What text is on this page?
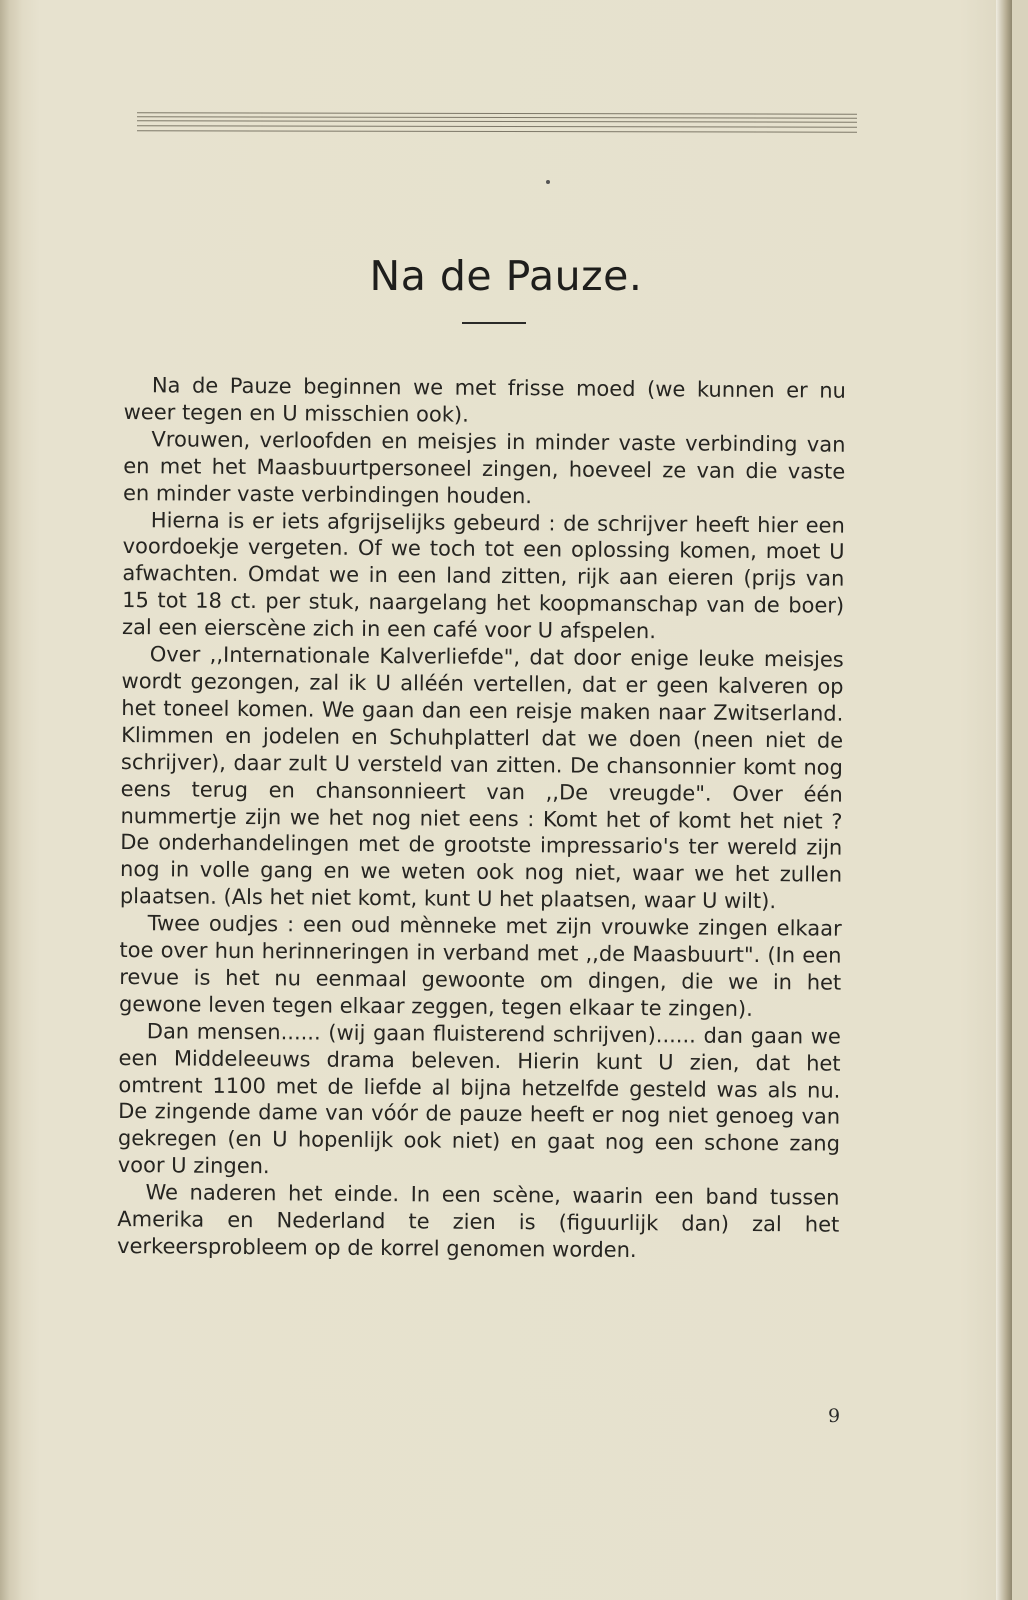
Na de Pauze.

Na de Pauze beginnen we met frisse moed (we kunnen er nu weer tegen en U misschien ook).

Vrouwen, verloofden en meisjes in minder vaste verbinding van en met het Maasbuurtpersoneel zingen, hoeveel ze van die vaste en minder vaste verbindingen houden.

Hierna is er iets afgrijselijks gebeurd : de schrijver heeft hier een voordoekje vergeten. Of we toch tot een oplossing komen, moet U afwachten. Omdat we in een land zitten, rijk aan eieren (prijs van 15 tot 18 ct. per stuk, naargelang het koopmanschap van de boer) zal een eierscène zich in een café voor U afspelen.

Over ,,Internationale Kalverliefde", dat door enige leuke meisjes wordt gezongen, zal ik U alléén vertellen, dat er geen kalveren op het toneel komen. We gaan dan een reisje maken naar Zwitserland. Klimmen en jodelen en Schuhplatterl dat we doen (neen niet de schrijver), daar zult U versteld van zitten. De chansonnier komt nog eens terug en chansonnieert van ,,De vreugde". Over één nummertje zijn we het nog niet eens : Komt het of komt het niet ? De onderhandelingen met de grootste impressario's ter wereld zijn nog in volle gang en we weten ook nog niet, waar we het zullen plaatsen. (Als het niet komt, kunt U het plaatsen, waar U wilt).

Twee oudjes : een oud mènneke met zijn vrouwke zingen elkaar toe over hun herinneringen in verband met ,,de Maasbuurt". (In een revue is het nu eenmaal gewoonte om dingen, die we in het gewone leven tegen elkaar zeggen, tegen elkaar te zingen).

Dan mensen...... (wij gaan fluisterend schrijven)...... dan gaan we een Middeleeuws drama beleven. Hierin kunt U zien, dat het omtrent 1100 met de liefde al bijna hetzelfde gesteld was als nu. De zingende dame van vóór de pauze heeft er nog niet genoeg van gekregen (en U hopenlijk ook niet) en gaat nog een schone zang voor U zingen.

We naderen het einde. In een scène, waarin een band tussen Amerika en Nederland te zien is (figuurlijk dan) zal het verkeersprobleem op de korrel genomen worden.

9
